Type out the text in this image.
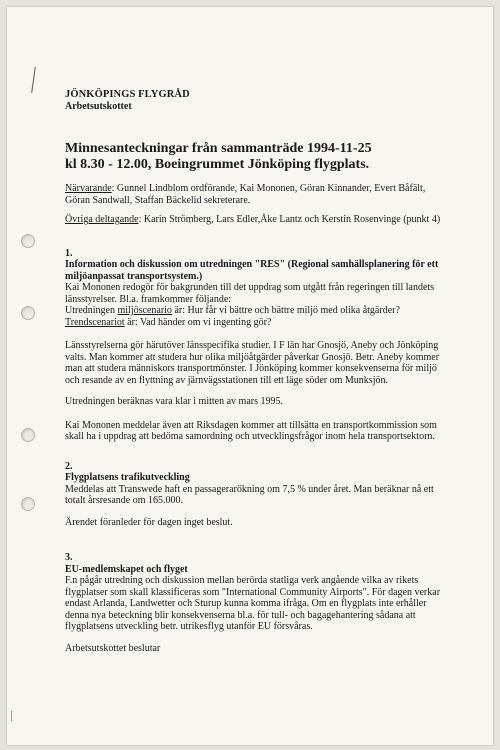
JÖNKÖPINGS FLYGRÅD
Arbetsutskottet
Minnesanteckningar från sammanträde 1994-11-25
kl 8.30 - 12.00, Boeingrummet Jönköping flygplats.
Närvarande: Gunnel Lindblom ordförande, Kai Mononen, Göran Kinnander, Evert Båfält, Göran Sandwall, Staffan Bäckelid sekreterare.
Övriga deltagande: Karin Strömberg, Lars Edler,Åke Lantz och Kerstin Rosenvinge (punkt 4)
1.
Information och diskussion om utredningen "RES" (Regional samhällsplanering för ett miljöanpassat transportsystem.)
Kai Mononen redogör för bakgrunden till det uppdrag som utgått från regeringen till landets länsstyrelser. Bl.a. framkommer följande:
Utredningen miljöscenario är: Hur får vi bättre och bättre miljö med olika åtgärder?
Trendscenariot är: Vad händer om vi ingenting gör?
Länsstyrelserna gör härutöver länsspecifika studier. I F län har Gnosjö, Aneby och Jönköping valts. Man kommer att studera hur olika miljöåtgärder påverkar Gnosjö. Betr. Aneby kommer man att studera människors transportmönster. I Jönköping kommer konsekvenserna för miljö och resande av en flyttning av järnvägsstationen till ett läge söder om Munksjön.
Utredningen beräknas vara klar i mitten av mars 1995.
Kai Mononen meddelar även att Riksdagen kommer att tillsätta en transportkommission som skall ha i uppdrag att bedöma samordning och utvecklingsfrågor inom hela transportsektorn.
2.
Flygplatsens trafikutveckling
Meddelas att Transwede haft en passagerarökning om 7,5 % under året. Man beräknar nå ett totalt årsresande om 165.000.
Ärendet föranleder för dagen inget beslut.
3.
EU-medlemskapet och flyget
F.n pågår utredning och diskussion mellan berörda statliga verk angående vilka av rikets flygplatser som skall klassificeras som "International Community Airports". För dagen verkar endast Arlanda, Landwetter och Sturup kunna komma ifråga. Om en flygplats inte erhåller denna nya beteckning blir konsekvenserna bl.a. för tull- och bagagehantering sådana att flygplatsens utveckling betr. utrikesflyg utanför EU försvåras.
Arbetsutskottet beslutar
